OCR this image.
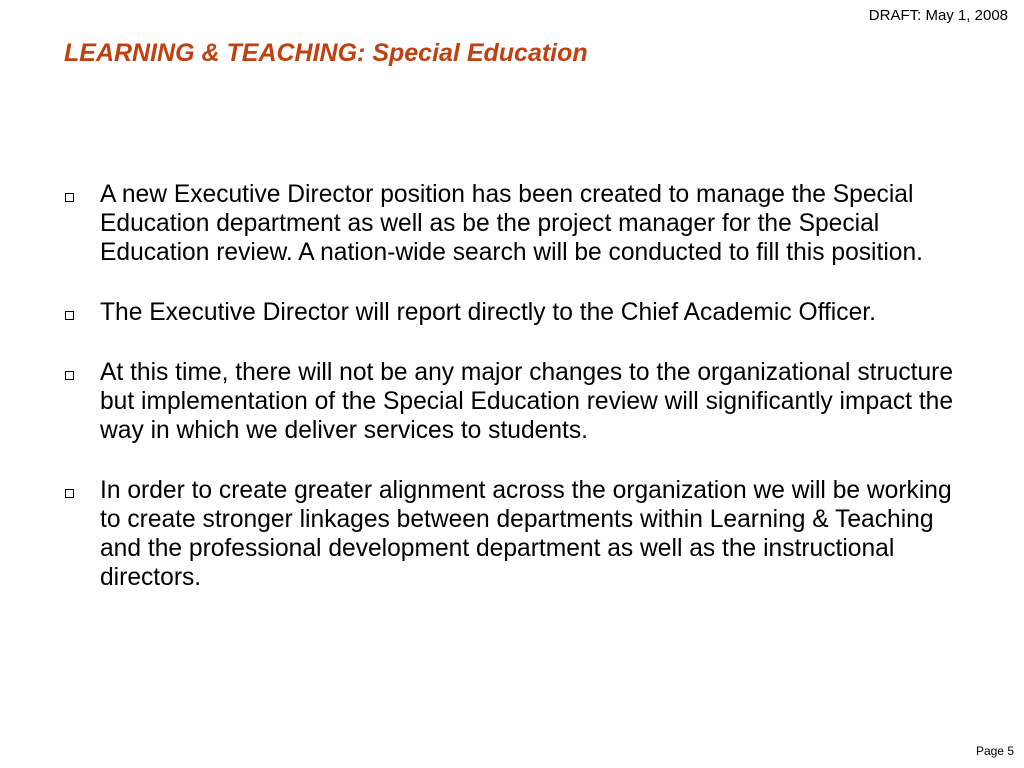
DRAFT: May 1, 2008
LEARNING & TEACHING: Special Education
A new Executive Director position has been created to manage the Special Education department as well as be the project manager for the Special Education review. A nation-wide search will be conducted to fill this position.
The Executive Director will report directly to the Chief Academic Officer.
At this time, there will not be any major changes to the organizational structure but implementation of the Special Education review will significantly impact the way in which we deliver services to students.
In order to create greater alignment across the organization we will be working to create stronger linkages between departments within Learning & Teaching and the professional development department as well as the instructional directors.
Page 5
